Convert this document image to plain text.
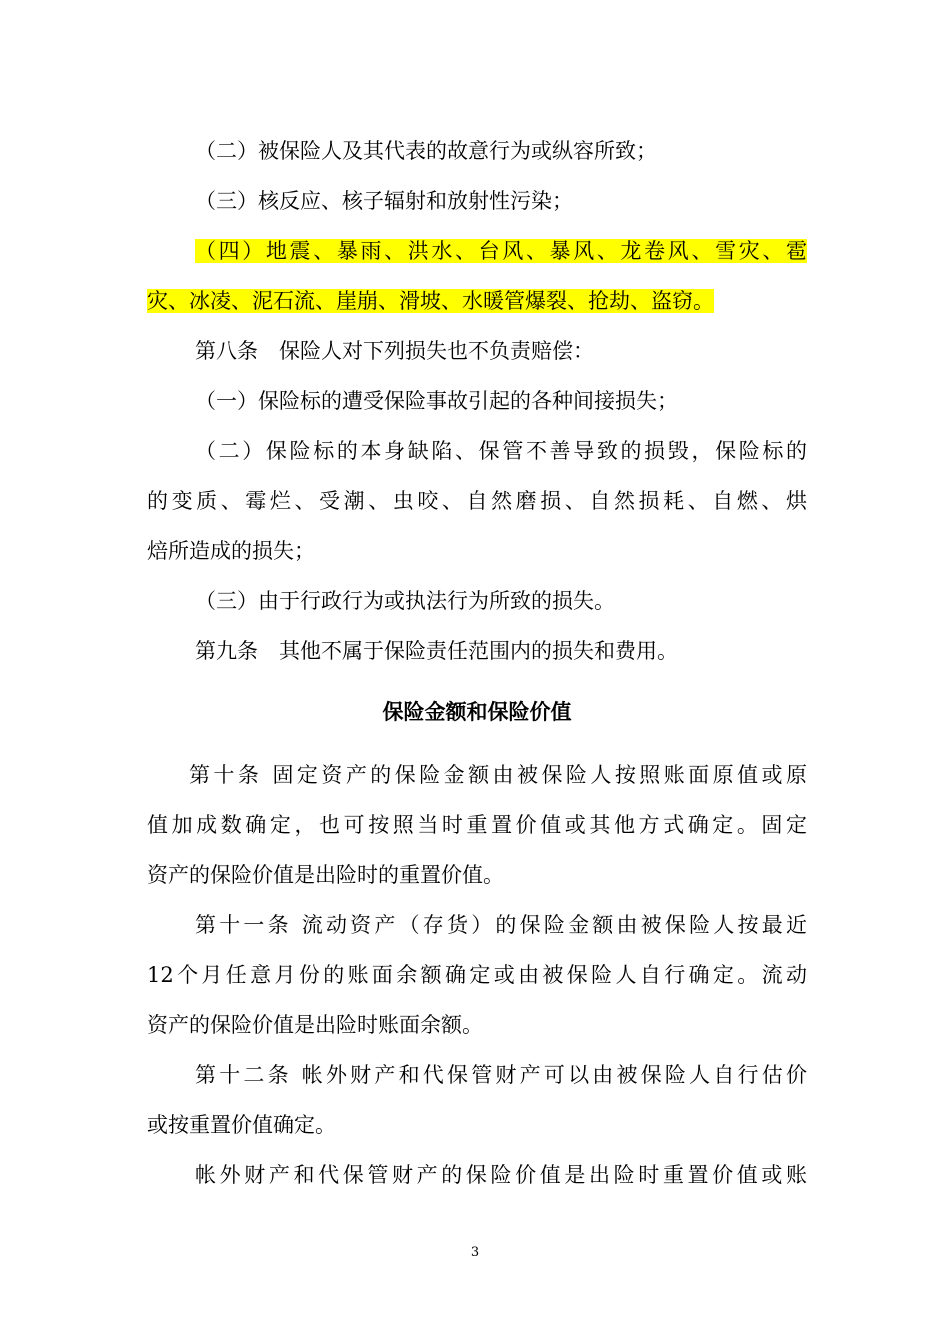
（二）被保险人及其代表的故意行为或纵容所致；
（三）核反应、核子辐射和放射性污染；
（四）地震、暴雨、洪水、台风、暴风、龙卷风、雪灾、雹
灾、冰凌、泥石流、崖崩、滑坡、水暖管爆裂、抢劫、盗窃。
第八条　保险人对下列损失也不负责赔偿：
（一）保险标的遭受保险事故引起的各种间接损失；
（二）保险标的本身缺陷、保管不善导致的损毁，保险标的
的变质、霉烂、受潮、虫咬、自然磨损、自然损耗、自燃、烘
焙所造成的损失；
（三）由于行政行为或执法行为所致的损失。
第九条　其他不属于保险责任范围内的损失和费用。
保险金额和保险价值
第十条 固定资产的保险金额由被保险人按照账面原值或原
值加成数确定，也可按照当时重置价值或其他方式确定。固定
资产的保险价值是出险时的重置价值。
第十一条 流动资产（存货）的保险金额由被保险人按最近
12个月任意月份的账面余额确定或由被保险人自行确定。流动
资产的保险价值是出险时账面余额。
第十二条 帐外财产和代保管财产可以由被保险人自行估价
或按重置价值确定。
帐外财产和代保管财产的保险价值是出险时重置价值或账
3
